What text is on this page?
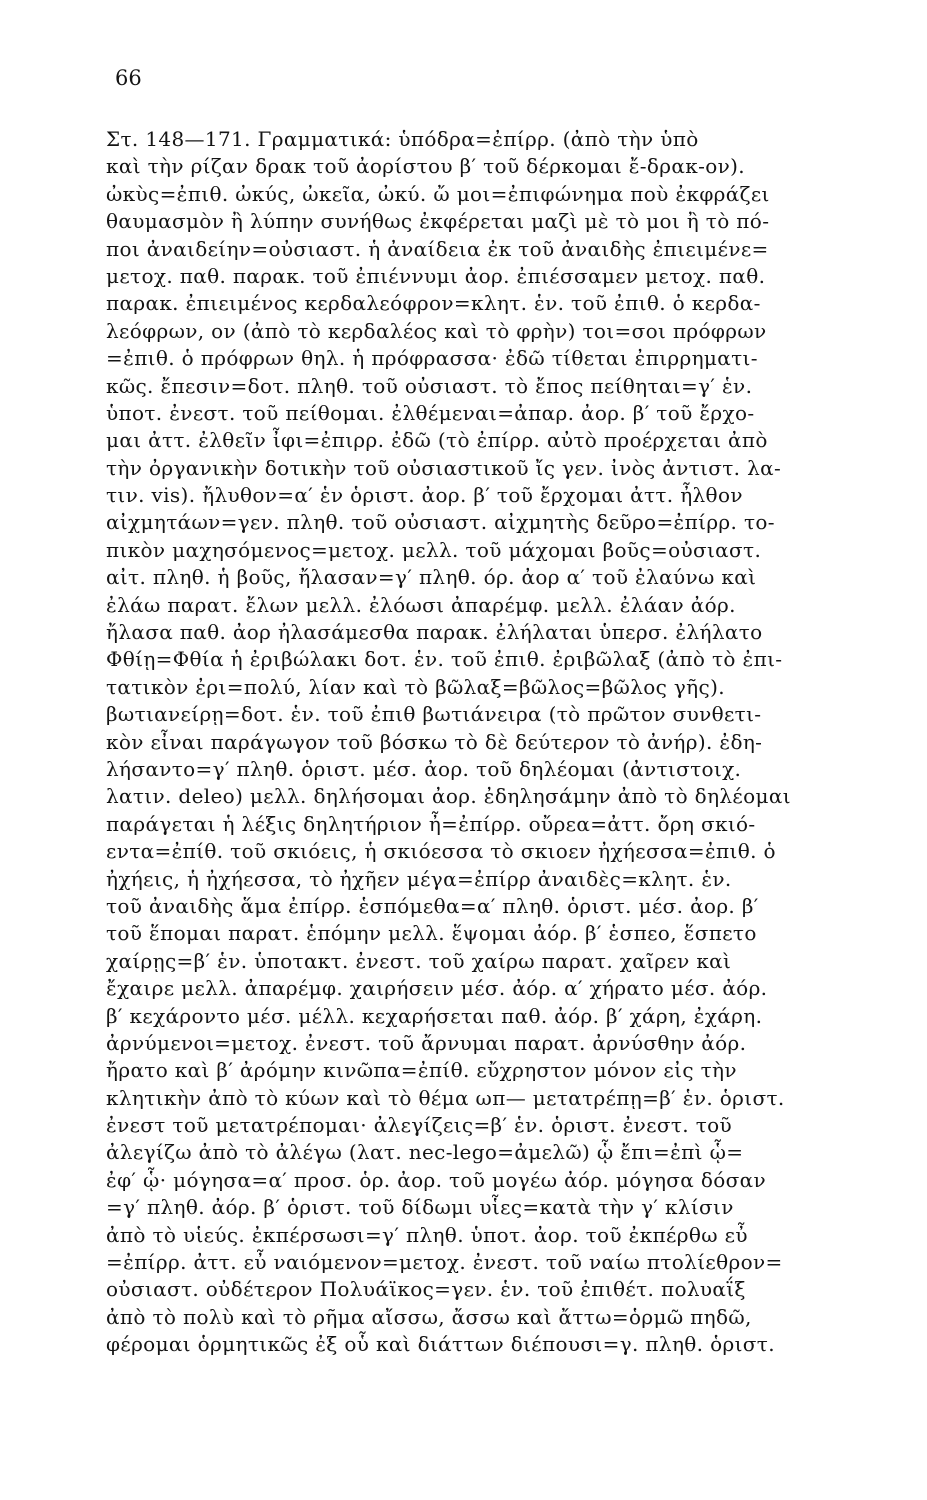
66
Στ. 148—171. Γραμματικά: ὑπόδρα=ἐπίρρ. (ἀπὸ τὴν ὑπὸ
καὶ τὴν ρίζαν δρακ τοῦ ἀορίστου β′ τοῦ δέρκομαι ἔ-δρακ-ον).
ὠκὺς=ἐπιθ. ὠκύς, ὠκεῖα, ὠκύ. ὤ μοι=ἐπιφώνημα ποὺ ἐκφράζει
θαυμασμὸν ἢ λύπην συνήθως ἐκφέρεται μαζὶ μὲ τὸ μοι ἢ τὸ πό-
ποι ἀναιδείην=οὐσιαστ. ἡ ἀναίδεια ἐκ τοῦ ἀναιδὴς ἐπιειμένε=
μετοχ. παθ. παρακ. τοῦ ἐπιέννυμι ἀορ. ἐπιέσσαμεν μετοχ. παθ.
παρακ. ἐπιειμένος κερδαλεόφρον=κλητ. ἑν. τοῦ ἐπιθ. ὁ κερδα-
λεόφρων, ον (ἀπὸ τὸ κερδαλέος καὶ τὸ φρὴν) τοι=σοι πρόφρων
=ἐπιθ. ὁ πρόφρων θηλ. ἡ πρόφρασσα· ἐδῶ τίθεται ἐπιρρηματι-
κῶς. ἔπεσιν=δοτ. πληθ. τοῦ οὐσιαστ. τὸ ἔπος πείθηται=γ′ ἑν.
ὑποτ. ἐνεστ. τοῦ πείθομαι. ἐλθέμεναι=ἀπαρ. ἀορ. β′ τοῦ ἔρχο-
μαι ἀττ. ἐλθεῖν ἶφι=ἐπιρρ. ἐδῶ (τὸ ἐπίρρ. αὐτὸ προέρχεται ἀπὸ
τὴν ὀργανικὴν δοτικὴν τοῦ οὐσιαστικοῦ ἴς γεν. ἰνὸς ἀντιστ. λα-
τιν. vis). ἤλυθον=α′ ἑν ὁριστ. ἀορ. β′ τοῦ ἔρχομαι ἀττ. ἦλθον
αἰχμητάων=γεν. πληθ. τοῦ οὐσιαστ. αἰχμητὴς δεῦρο=ἐπίρρ. το-
πικὸν μαχησόμενος=μετοχ. μελλ. τοῦ μάχομαι βοῦς=οὐσιαστ.
αἰτ. πληθ. ἡ βοῦς, ἤλασαν=γ′ πληθ. όρ. ἀορ α′ τοῦ ἐλαύνω καὶ
ἐλάω παρατ. ἔλων μελλ. ἐλόωσι ἀπαρέμφ. μελλ. ἐλάαν ἀόρ.
ἤλασα παθ. ἀορ ἠλασάμεσθα παρακ. ἐλήλαται ὑπερσ. ἐλήλατο
Φθίῃ=Φθία ἡ ἐριβώλακι δοτ. ἑν. τοῦ ἐπιθ. ἐριβῶλαξ (ἀπὸ τὸ ἐπι-
τατικὸν ἐρι=πολύ, λίαν καὶ τὸ βῶλαξ=βῶλος=βῶλος γῆς).
βωτιανείρῃ=δοτ. ἑν. τοῦ ἐπιθ βωτιάνειρα (τὸ πρῶτον συνθετι-
κὸν εἶναι παράγωγον τοῦ βόσκω τὸ δὲ δεύτερον τὸ ἀνήρ). ἐδη-
λήσαντο=γ′ πληθ. ὁριστ. μέσ. ἀορ. τοῦ δηλέομαι (ἀντιστοιχ.
λατιν. deleo) μελλ. δηλήσομαι ἀορ. ἐδηλησάμην ἀπὸ τὸ δηλέομαι
παράγεται ἡ λέξις δηλητήριον ἦ=ἐπίρρ. οὔρεα=ἀττ. ὄρη σκιό-
εντα=ἐπίθ. τοῦ σκιόεις, ἡ σκιόεσσα τὸ σκιοεν ἠχήεσσα=ἐπιθ. ὁ
ἠχήεις, ἡ ἠχήεσσα, τὸ ἠχῆεν μέγα=ἐπίρρ ἀναιδὲς=κλητ. ἑν.
τοῦ ἀναιδὴς ἅμα ἐπίρρ. ἑσπόμεθα=α′ πληθ. ὁριστ. μέσ. ἀορ. β′
τοῦ ἕπομαι παρατ. ἑπόμην μελλ. ἕψομαι ἀόρ. β′ ἑσπεο, ἕσπετο
χαίρῃς=β′ ἑν. ὑποτακτ. ἐνεστ. τοῦ χαίρω παρατ. χαῖρεν καὶ
ἔχαιρε μελλ. ἀπαρέμφ. χαιρήσειν μέσ. ἀόρ. α′ χήρατο μέσ. ἀόρ.
β′ κεχάροντο μέσ. μέλλ. κεχαρήσεται παθ. ἀόρ. β′ χάρη, ἐχάρη.
ἀρνύμενοι=μετοχ. ἐνεστ. τοῦ ἄρνυμαι παρατ. ἀρνύσθην ἀόρ.
ἤρατο καὶ β′ ἀρόμην κινῶπα=ἐπίθ. εὔχρηστον μόνον εἰς τὴν
κλητικὴν ἀπὸ τὸ κύων καὶ τὸ θέμα ωπ— μετατρέπῃ=β′ ἑν. ὁριστ.
ἐνεστ τοῦ μετατρέπομαι· ἀλεγίζεις=β′ ἑν. ὁριστ. ἐνεστ. τοῦ
ἀλεγίζω ἀπὸ τὸ ἀλέγω (λατ. nec-lego=ἀμελῶ) ᾧ ἔπι=ἐπὶ ᾧ=
ἐφ′ ᾧ· μόγησα=α′ προσ. ὁρ. ἀορ. τοῦ μογέω ἀόρ. μόγησα δόσαν
=γ′ πληθ. ἀόρ. β′ ὁριστ. τοῦ δίδωμι υἷες=κατὰ τὴν γ′ κλίσιν
ἀπὸ τὸ υἱεύς. ἐκπέρσωσι=γ′ πληθ. ὑποτ. ἀορ. τοῦ ἐκπέρθω εὖ
=ἐπίρρ. ἀττ. εὖ ναιόμενον=μετοχ. ἐνεστ. τοῦ ναίω πτολίεθρον=
οὐσιαστ. οὐδέτερον Πολυάϊκος=γεν. ἑν. τοῦ ἐπιθέτ. πολυαΐξ
ἀπὸ τὸ πολὺ καὶ τὸ ρῆμα αἴσσω, ἄσσω καὶ ἄττω=ὁρμῶ πηδῶ,
φέρομαι ὁρμητικῶς ἐξ οὗ καὶ διάττων διέπουσι=γ. πληθ. ὁριστ.
